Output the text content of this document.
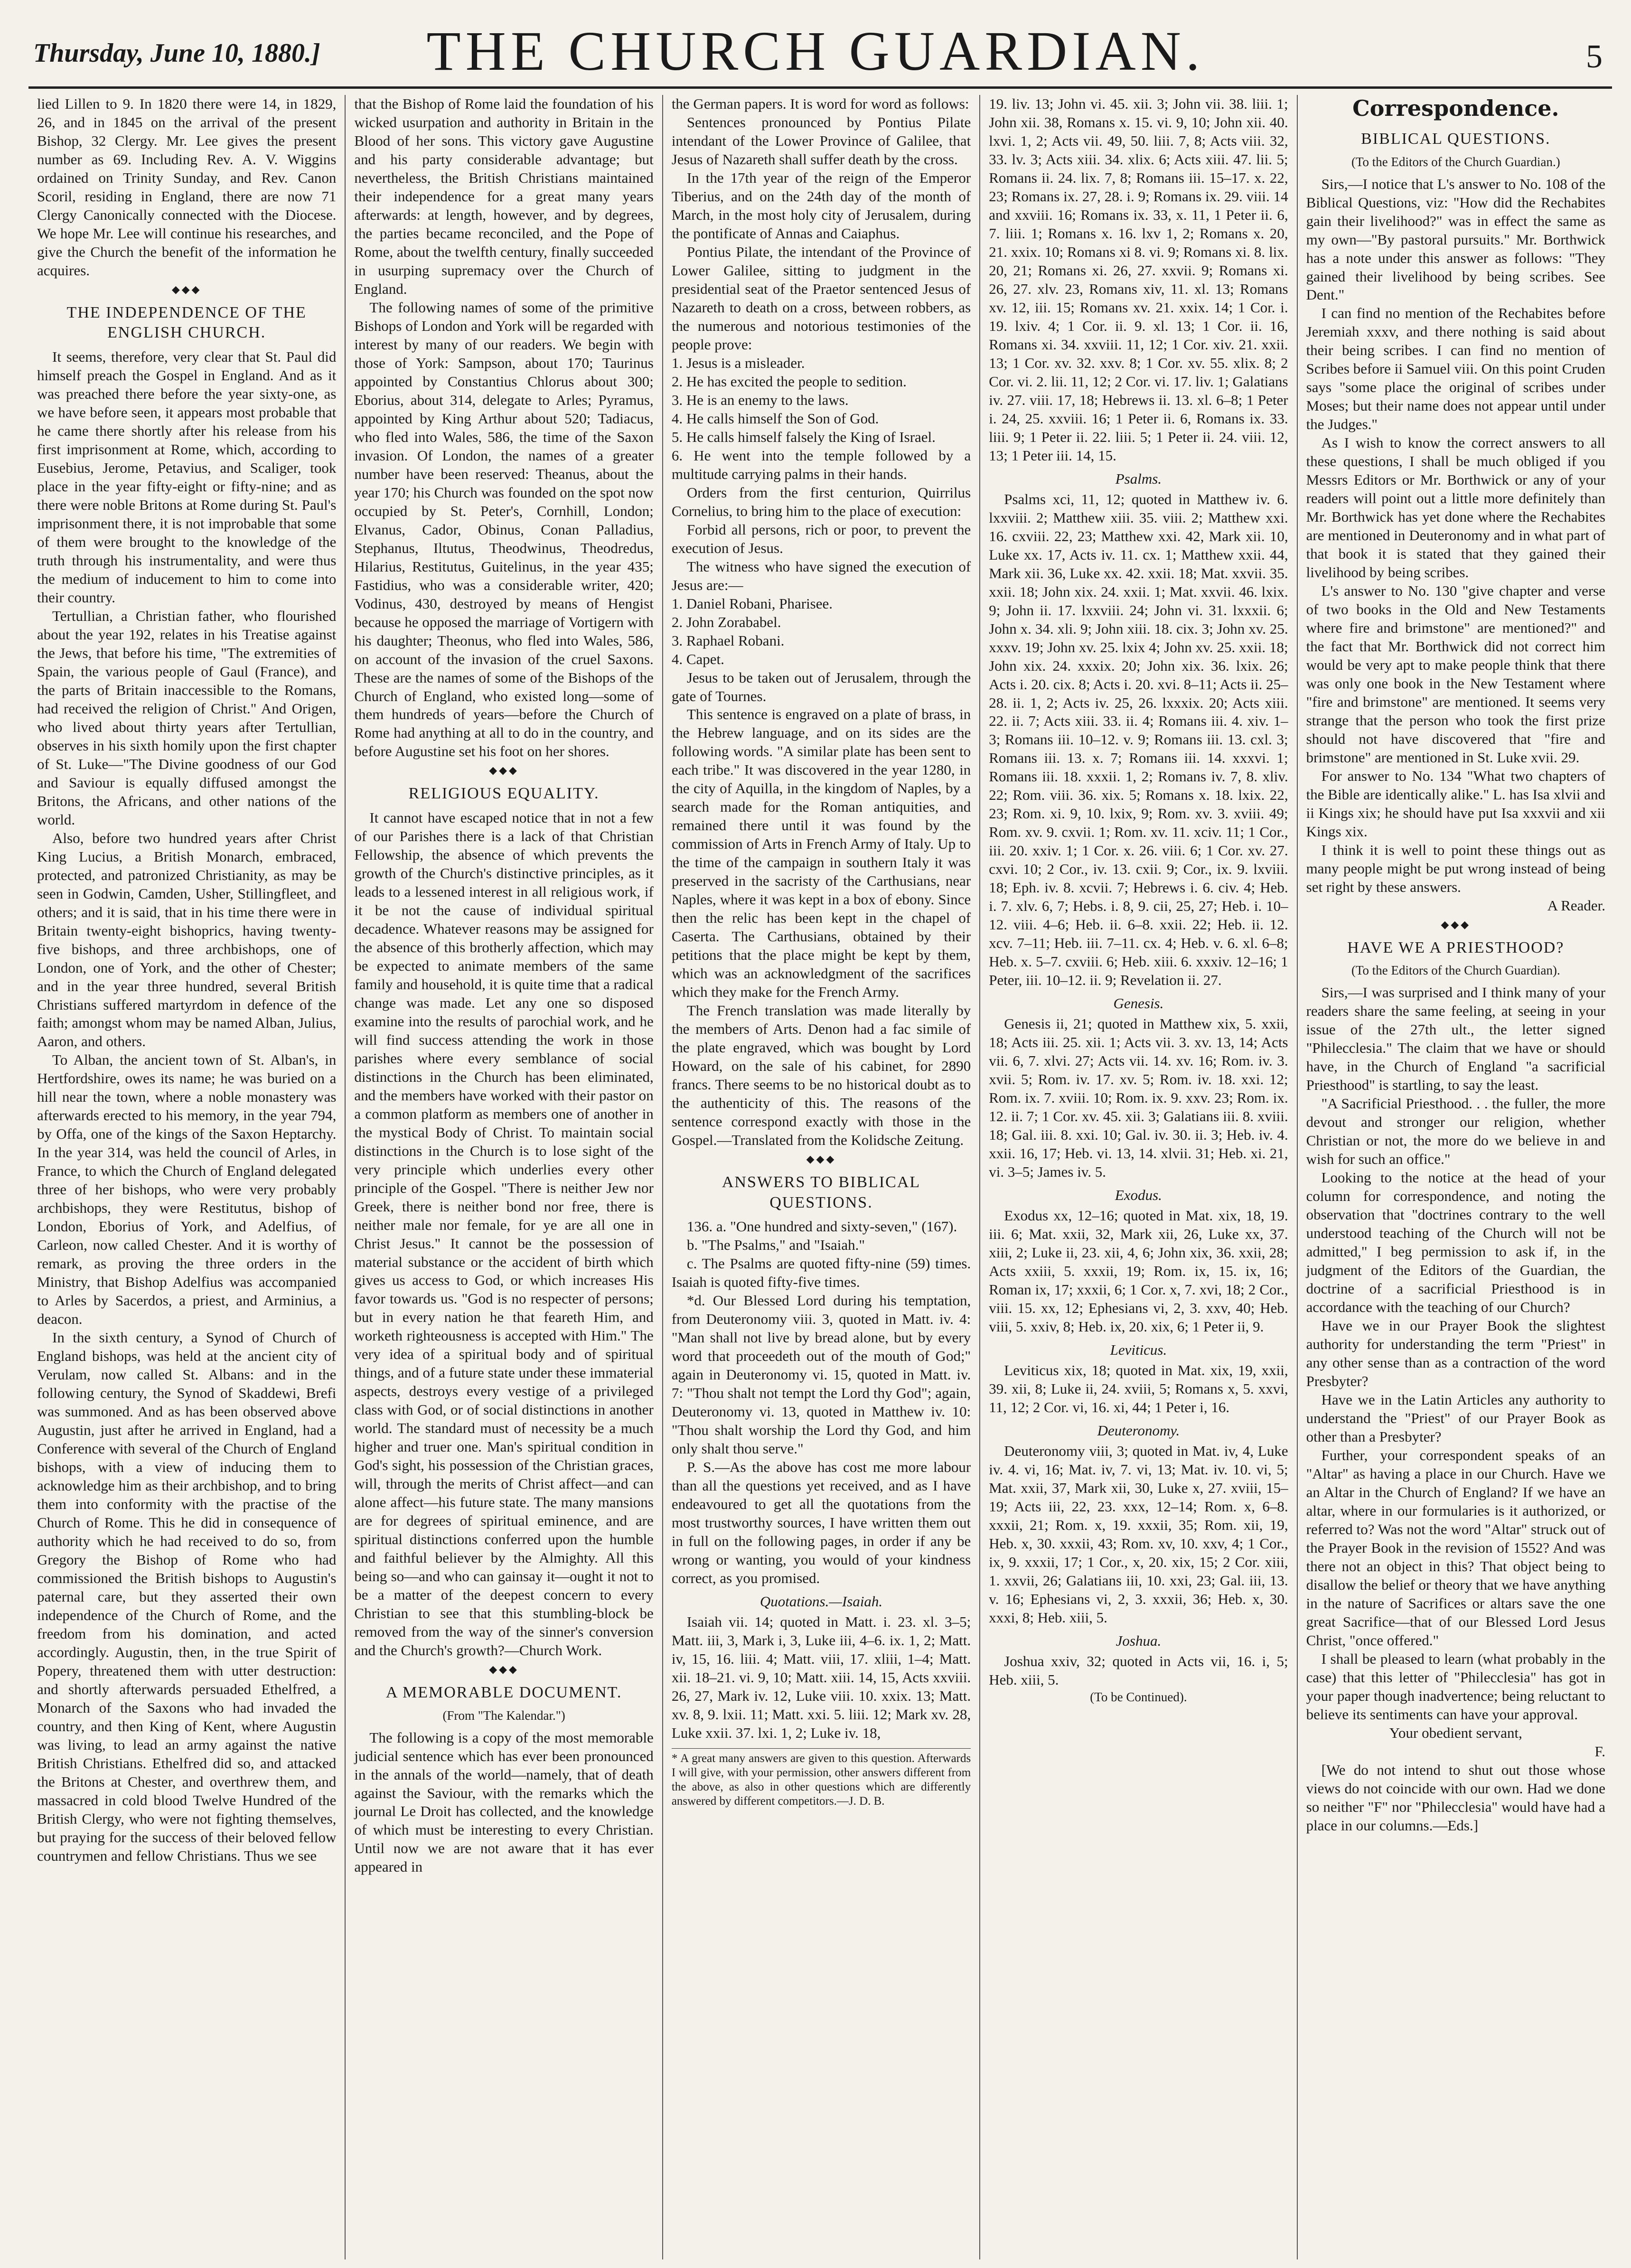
Thursday, June 10, 1880.]	THE CHURCH GUARDIAN.	5

lied Lillen to 9. In 1820 there were 14, in 1829, 26, and in 1845 on the arrival of the present Bishop, 32 Clergy. Mr. Lee gives the present number as 69. Including Rev. A. V. Wiggins ordained on Trinity Sunday, and Rev. Canon Scoril, residing in England, there are now 71 Clergy Canonically connected with the Diocese. We hope Mr. Lee will continue his researches, and give the Church the benefit of the information he acquires.

◆◆◆
THE INDEPENDENCE OF THE ENGLISH CHURCH.

It seems, therefore, very clear that St. Paul did himself preach the Gospel in England. And as it was preached there before the year sixty-one, as we have before seen, it appears most probable that he came there shortly after his release from his first imprisonment at Rome, which, according to Eusebius, Jerome, Petavius, and Scaliger, took place in the year fifty-eight or fifty-nine; and as there were noble Britons at Rome during St. Paul's imprisonment there, it is not improbable that some of them were brought to the knowledge of the truth through his instrumentality, and were thus the medium of inducement to him to come into their country.

Tertullian, a Christian father, who flourished about the year 192, relates in his Treatise against the Jews, that before his time, "The extremities of Spain, the various people of Gaul (France), and the parts of Britain inaccessible to the Romans, had received the religion of Christ." And Origen, who lived about thirty years after Tertullian, observes in his sixth homily upon the first chapter of St. Luke—"The Divine goodness of our God and Saviour is equally diffused amongst the Britons, the Africans, and other nations of the world.

Also, before two hundred years after Christ King Lucius, a British Monarch, embraced, protected, and patronized Christianity, as may be seen in Godwin, Camden, Usher, Stillingfleet, and others; and it is said, that in his time there were in Britain twenty-eight bishoprics, having twenty-five bishops, and three archbishops, one of London, one of York, and the other of Chester; and in the year three hundred, several British Christians suffered martyrdom in defence of the faith; amongst whom may be named Alban, Julius, Aaron, and others.

To Alban, the ancient town of St. Alban's, in Hertfordshire, owes its name; he was buried on a hill near the town, where a noble monastery was afterwards erected to his memory, in the year 794, by Offa, one of the kings of the Saxon Heptarchy. In the year 314, was held the council of Arles, in France, to which the Church of England delegated three of her bishops, who were very probably archbishops, they were Restitutus, bishop of London, Eborius of York, and Adelfius, of Carleon, now called Chester. And it is worthy of remark, as proving the three orders in the Ministry, that Bishop Adelfius was accompanied to Arles by Sacerdos, a priest, and Arminius, a deacon.

In the sixth century, a Synod of Church of England bishops, was held at the ancient city of Verulam, now called St. Albans: and in the following century, the Synod of Skaddewi, Brefi was summoned. And as has been observed above Augustin, just after he arrived in England, had a Conference with several of the Church of England bishops, with a view of inducing them to acknowledge him as their archbishop, and to bring them into conformity with the practise of the Church of Rome. This he did in consequence of authority which he had received to do so, from Gregory the Bishop of Rome who had commissioned the British bishops to Augustin's paternal care, but they asserted their own independence of the Church of Rome, and the freedom from his domination, and acted accordingly. Augustin, then, in the true Spirit of Popery, threatened them with utter destruction: and shortly afterwards persuaded Ethelfred, a Monarch of the Saxons who had invaded the country, and then King of Kent, where Augustin was living, to lead an army against the native British Christians. Ethelfred did so, and attacked the Britons at Chester, and overthrew them, and massacred in cold blood Twelve Hundred of the British Clergy, who were not fighting themselves, but praying for the success of their beloved fellow countrymen and fellow Christians. Thus we see

that the Bishop of Rome laid the foundation of his wicked usurpation and authority in Britain in the Blood of her sons. This victory gave Augustine and his party considerable advantage; but nevertheless, the British Christians maintained their independence for a great many years afterwards: at length, however, and by degrees, the parties became reconciled, and the Pope of Rome, about the twelfth century, finally succeeded in usurping supremacy over the Church of England.

The following names of some of the primitive Bishops of London and York will be regarded with interest by many of our readers. We begin with those of York: Sampson, about 170; Taurinus appointed by Constantius Chlorus about 300; Eborius, about 314, delegate to Arles; Pyramus, appointed by King Arthur about 520; Tadiacus, who fled into Wales, 586, the time of the Saxon invasion. Of London, the names of a greater number have been reserved: Theanus, about the year 170; his Church was founded on the spot now occupied by St. Peter's, Cornhill, London; Elvanus, Cador, Obinus, Conan Palladius, Stephanus, Iltutus, Theodwinus, Theodredus, Hilarius, Restitutus, Guitelinus, in the year 435; Fastidius, who was a considerable writer, 420; Vodinus, 430, destroyed by means of Hengist because he opposed the marriage of Vortigern with his daughter; Theonus, who fled into Wales, 586, on account of the invasion of the cruel Saxons. These are the names of some of the Bishops of the Church of England, who existed long—some of them hundreds of years—before the Church of Rome had anything at all to do in the country, and before Augustine set his foot on her shores.

◆◆◆
RELIGIOUS EQUALITY.

It cannot have escaped notice that in not a few of our Parishes there is a lack of that Christian Fellowship, the absence of which prevents the growth of the Church's distinctive principles, as it leads to a lessened interest in all religious work, if it be not the cause of individual spiritual decadence. Whatever reasons may be assigned for the absence of this brotherly affection, which may be expected to animate members of the same family and household, it is quite time that a radical change was made. Let any one so disposed examine into the results of parochial work, and he will find success attending the work in those parishes where every semblance of social distinctions in the Church has been eliminated, and the members have worked with their pastor on a common platform as members one of another in the mystical Body of Christ. To maintain social distinctions in the Church is to lose sight of the very principle which underlies every other principle of the Gospel. "There is neither Jew nor Greek, there is neither bond nor free, there is neither male nor female, for ye are all one in Christ Jesus." It cannot be the possession of material substance or the accident of birth which gives us access to God, or which increases His favor towards us. "God is no respecter of persons; but in every nation he that feareth Him, and worketh righteousness is accepted with Him." The very idea of a spiritual body and of spiritual things, and of a future state under these immaterial aspects, destroys every vestige of a privileged class with God, or of social distinctions in another world. The standard must of necessity be a much higher and truer one. Man's spiritual condition in God's sight, his possession of the Christian graces, will, through the merits of Christ affect—and can alone affect—his future state. The many mansions are for degrees of spiritual eminence, and are spiritual distinctions conferred upon the humble and faithful believer by the Almighty. All this being so—and who can gainsay it—ought it not to be a matter of the deepest concern to every Christian to see that this stumbling-block be removed from the way of the sinner's conversion and the Church's growth?—Church Work.

◆◆◆
A MEMORABLE DOCUMENT.
(From "The Kalendar.")

The following is a copy of the most memorable judicial sentence which has ever been pronounced in the annals of the world—namely, that of death against the Saviour, with the remarks which the journal Le Droit has collected, and the knowledge of which must be interesting to every Christian. Until now we are not aware that it has ever appeared in

the German papers. It is word for word as follows:

Sentences pronounced by Pontius Pilate intendant of the Lower Province of Galilee, that Jesus of Nazareth shall suffer death by the cross.

In the 17th year of the reign of the Emperor Tiberius, and on the 24th day of the month of March, in the most holy city of Jerusalem, during the pontificate of Annas and Caiaphus.

Pontius Pilate, the intendant of the Province of Lower Galilee, sitting to judgment in the presidential seat of the Praetor sentenced Jesus of Nazareth to death on a cross, between robbers, as the numerous and notorious testimonies of the people prove:

1. Jesus is a misleader.

2. He has excited the people to sedition.

3. He is an enemy to the laws.

4. He calls himself the Son of God.

5. He calls himself falsely the King of Israel.

6. He went into the temple followed by a multitude carrying palms in their hands.

Orders from the first centurion, Quirrilus Cornelius, to bring him to the place of execution:

Forbid all persons, rich or poor, to prevent the execution of Jesus.

The witness who have signed the execution of Jesus are:—

1. Daniel Robani, Pharisee.

2. John Zorababel.

3. Raphael Robani.

4. Capet.

Jesus to be taken out of Jerusalem, through the gate of Tournes.

This sentence is engraved on a plate of brass, in the Hebrew language, and on its sides are the following words. "A similar plate has been sent to each tribe." It was discovered in the year 1280, in the city of Aquilla, in the kingdom of Naples, by a search made for the Roman antiquities, and remained there until it was found by the commission of Arts in French Army of Italy. Up to the time of the campaign in southern Italy it was preserved in the sacristy of the Carthusians, near Naples, where it was kept in a box of ebony. Since then the relic has been kept in the chapel of Caserta. The Carthusians, obtained by their petitions that the place might be kept by them, which was an acknowledgment of the sacrifices which they make for the French Army.

The French translation was made literally by the members of Arts. Denon had a fac simile of the plate engraved, which was bought by Lord Howard, on the sale of his cabinet, for 2890 francs. There seems to be no historical doubt as to the authenticity of this. The reasons of the sentence correspond exactly with those in the Gospel.—Translated from the Kolidsche Zeitung.

◆◆◆
ANSWERS TO BIBLICAL QUESTIONS.

136. a. "One hundred and sixty-seven," (167).

b. "The Psalms," and "Isaiah."

c. The Psalms are quoted fifty-nine (59) times. Isaiah is quoted fifty-five times.

*d. Our Blessed Lord during his temptation, from Deuteronomy viii. 3, quoted in Matt. iv. 4: "Man shall not live by bread alone, but by every word that proceedeth out of the mouth of God;" again in Deuteronomy vi. 15, quoted in Matt. iv. 7: "Thou shalt not tempt the Lord thy God"; again, Deuteronomy vi. 13, quoted in Matthew iv. 10: "Thou shalt worship the Lord thy God, and him only shalt thou serve."

P. S.—As the above has cost me more labour than all the questions yet received, and as I have endeavoured to get all the quotations from the most trustworthy sources, I have written them out in full on the following pages, in order if any be wrong or wanting, you would of your kindness correct, as you promised.

Quotations.—Isaiah.

Isaiah vii. 14; quoted in Matt. i. 23. xl. 3–5; Matt. iii, 3, Mark i, 3, Luke iii, 4–6. ix. 1, 2; Matt. iv, 15, 16. liii. 4; Matt. viii, 17. xliii, 1–4; Matt. xii. 18–21. vi. 9, 10; Matt. xiii. 14, 15, Acts xxviii. 26, 27, Mark iv. 12, Luke viii. 10. xxix. 13; Matt. xv. 8, 9. lxii. 11; Matt. xxi. 5. liii. 12; Mark xv. 28, Luke xxii. 37. lxi. 1, 2; Luke iv. 18,

* A great many answers are given to this question. Afterwards I will give, with your permission, other answers different from the above, as also in other questions which are differently answered by different competitors.—J. D. B.

19. liv. 13; John vi. 45. xii. 3; John vii. 38. liii. 1; John xii. 38, Romans x. 15. vi. 9, 10; John xii. 40. lxvi. 1, 2; Acts vii. 49, 50. liii. 7, 8; Acts viii. 32, 33. lv. 3; Acts xiii. 34. xlix. 6; Acts xiii. 47. lii. 5; Romans ii. 24. lix. 7, 8; Romans iii. 15–17. x. 22, 23; Romans ix. 27, 28. i. 9; Romans ix. 29. viii. 14 and xxviii. 16; Romans ix. 33, x. 11, 1 Peter ii. 6, 7. liii. 1; Romans x. 16. lxv 1, 2; Romans x. 20, 21. xxix. 10; Romans xi 8. vi. 9; Romans xi. 8. lix. 20, 21; Romans xi. 26, 27. xxvii. 9; Romans xi. 26, 27. xlv. 23, Romans xiv, 11. xl. 13; Romans xv. 12, iii. 15; Romans xv. 21. xxix. 14; 1 Cor. i. 19. lxiv. 4; 1 Cor. ii. 9. xl. 13; 1 Cor. ii. 16, Romans xi. 34. xxviii. 11, 12; 1 Cor. xiv. 21. xxii. 13; 1 Cor. xv. 32. xxv. 8; 1 Cor. xv. 55. xlix. 8; 2 Cor. vi. 2. lii. 11, 12; 2 Cor. vi. 17. liv. 1; Galatians iv. 27. viii. 17, 18; Hebrews ii. 13. xl. 6–8; 1 Peter i. 24, 25. xxviii. 16; 1 Peter ii. 6, Romans ix. 33. liii. 9; 1 Peter ii. 22. liii. 5; 1 Peter ii. 24. viii. 12, 13; 1 Peter iii. 14, 15.

Psalms.

Psalms xci, 11, 12; quoted in Matthew iv. 6. lxxviii. 2; Matthew xiii. 35. viii. 2; Matthew xxi. 16. cxviii. 22, 23; Matthew xxi. 42, Mark xii. 10, Luke xx. 17, Acts iv. 11. cx. 1; Matthew xxii. 44, Mark xii. 36, Luke xx. 42. xxii. 18; Mat. xxvii. 35. xxii. 18; John xix. 24. xxii. 1; Mat. xxvii. 46. lxix. 9; John ii. 17. lxxviii. 24; John vi. 31. lxxxii. 6; John x. 34. xli. 9; John xiii. 18. cix. 3; John xv. 25. xxxv. 19; John xv. 25. lxix 4; John xv. 25. xxii. 18; John xix. 24. xxxix. 20; John xix. 36. lxix. 26; Acts i. 20. cix. 8; Acts i. 20. xvi. 8–11; Acts ii. 25–28. ii. 1, 2; Acts iv. 25, 26. lxxxix. 20; Acts xiii. 22. ii. 7; Acts xiii. 33. ii. 4; Romans iii. 4. xiv. 1–3; Romans iii. 10–12. v. 9; Romans iii. 13. cxl. 3; Romans iii. 13. x. 7; Romans iii. 14. xxxvi. 1; Romans iii. 18. xxxii. 1, 2; Romans iv. 7, 8. xliv. 22; Rom. viii. 36. xix. 5; Romans x. 18. lxix. 22, 23; Rom. xi. 9, 10. lxix, 9; Rom. xv. 3. xviii. 49; Rom. xv. 9. cxvii. 1; Rom. xv. 11. xciv. 11; 1 Cor., iii. 20. xxiv. 1; 1 Cor. x. 26. viii. 6; 1 Cor. xv. 27. cxvi. 10; 2 Cor., iv. 13. cxii. 9; Cor., ix. 9. lxviii. 18; Eph. iv. 8. xcvii. 7; Hebrews i. 6. civ. 4; Heb. i. 7. xlv. 6, 7; Hebs. i. 8, 9. cii, 25, 27; Heb. i. 10–12. viii. 4–6; Heb. ii. 6–8. xxii. 22; Heb. ii. 12. xcv. 7–11; Heb. iii. 7–11. cx. 4; Heb. v. 6. xl. 6–8; Heb. x. 5–7. cxviii. 6; Heb. xiii. 6. xxxiv. 12–16; 1 Peter, iii. 10–12. ii. 9; Revelation ii. 27.

Genesis.

Genesis ii, 21; quoted in Matthew xix, 5. xxii, 18; Acts iii. 25. xii. 1; Acts vii. 3. xv. 13, 14; Acts vii. 6, 7. xlvi. 27; Acts vii. 14. xv. 16; Rom. iv. 3. xvii. 5; Rom. iv. 17. xv. 5; Rom. iv. 18. xxi. 12; Rom. ix. 7. xviii. 10; Rom. ix. 9. xxv. 23; Rom. ix. 12. ii. 7; 1 Cor. xv. 45. xii. 3; Galatians iii. 8. xviii. 18; Gal. iii. 8. xxi. 10; Gal. iv. 30. ii. 3; Heb. iv. 4. xxii. 16, 17; Heb. vi. 13, 14. xlvii. 31; Heb. xi. 21, vi. 3–5; James iv. 5.

Exodus.

Exodus xx, 12–16; quoted in Mat. xix, 18, 19. iii. 6; Mat. xxii, 32, Mark xii, 26, Luke xx, 37. xiii, 2; Luke ii, 23. xii, 4, 6; John xix, 36. xxii, 28; Acts xxiii, 5. xxxii, 19; Rom. ix, 15. ix, 16; Roman ix, 17; xxxii, 6; 1 Cor. x, 7. xvi, 18; 2 Cor., viii. 15. xx, 12; Ephesians vi, 2, 3. xxv, 40; Heb. viii, 5. xxiv, 8; Heb. ix, 20. xix, 6; 1 Peter ii, 9.

Leviticus.

Leviticus xix, 18; quoted in Mat. xix, 19, xxii, 39. xii, 8; Luke ii, 24. xviii, 5; Romans x, 5. xxvi, 11, 12; 2 Cor. vi, 16. xi, 44; 1 Peter i, 16.

Deuteronomy.

Deuteronomy viii, 3; quoted in Mat. iv, 4, Luke iv. 4. vi, 16; Mat. iv, 7. vi, 13; Mat. iv. 10. vi, 5; Mat. xxii, 37, Mark xii, 30, Luke x, 27. xviii, 15–19; Acts iii, 22, 23. xxx, 12–14; Rom. x, 6–8. xxxii, 21; Rom. x, 19. xxxii, 35; Rom. xii, 19, Heb. x, 30. xxxii, 43; Rom. xv, 10. xxv, 4; 1 Cor., ix, 9. xxxii, 17; 1 Cor., x, 20. xix, 15; 2 Cor. xiii, 1. xxvii, 26; Galatians iii, 10. xxi, 23; Gal. iii, 13. v. 16; Ephesians vi, 2, 3. xxxii, 36; Heb. x, 30. xxxi, 8; Heb. xiii, 5.

Joshua.

Joshua xxiv, 32; quoted in Acts vii, 16. i, 5; Heb. xiii, 5.

(To be Continued).
Correspondence.
BIBLICAL QUESTIONS.
(To the Editors of the Church Guardian.)

Sirs,—I notice that L's answer to No. 108 of the Biblical Questions, viz: "How did the Rechabites gain their livelihood?" was in effect the same as my own—"By pastoral pursuits." Mr. Borthwick has a note under this answer as follows: "They gained their livelihood by being scribes. See Dent."

I can find no mention of the Rechabites before Jeremiah xxxv, and there nothing is said about their being scribes. I can find no mention of Scribes before ii Samuel viii. On this point Cruden says "some place the original of scribes under Moses; but their name does not appear until under the Judges."

As I wish to know the correct answers to all these questions, I shall be much obliged if you Messrs Editors or Mr. Borthwick or any of your readers will point out a little more definitely than Mr. Borthwick has yet done where the Rechabites are mentioned in Deuteronomy and in what part of that book it is stated that they gained their livelihood by being scribes.

L's answer to No. 130 "give chapter and verse of two books in the Old and New Testaments where fire and brimstone" are mentioned?" and the fact that Mr. Borthwick did not correct him would be very apt to make people think that there was only one book in the New Testament where "fire and brimstone" are mentioned. It seems very strange that the person who took the first prize should not have discovered that "fire and brimstone" are mentioned in St. Luke xvii. 29.

For answer to No. 134 "What two chapters of the Bible are identically alike." L. has Isa xlvii and ii Kings xix; he should have put Isa xxxvii and xii Kings xix.

I think it is well to point these things out as many people might be put wrong instead of being set right by these answers.

A Reader.

◆◆◆
HAVE WE A PRIESTHOOD?
(To the Editors of the Church Guardian).

Sirs,—I was surprised and I think many of your readers share the same feeling, at seeing in your issue of the 27th ult., the letter signed "Philecclesia." The claim that we have or should have, in the Church of England "a sacrificial Priesthood" is startling, to say the least.

"A Sacrificial Priesthood. . . the fuller, the more devout and stronger our religion, whether Christian or not, the more do we believe in and wish for such an office."

Looking to the notice at the head of your column for correspondence, and noting the observation that "doctrines contrary to the well understood teaching of the Church will not be admitted," I beg permission to ask if, in the judgment of the Editors of the Guardian, the doctrine of a sacrificial Priesthood is in accordance with the teaching of our Church?

Have we in our Prayer Book the slightest authority for understanding the term "Priest" in any other sense than as a contraction of the word Presbyter?

Have we in the Latin Articles any authority to understand the "Priest" of our Prayer Book as other than a Presbyter?

Further, your correspondent speaks of an "Altar" as having a place in our Church. Have we an Altar in the Church of England? If we have an altar, where in our formularies is it authorized, or referred to? Was not the word "Altar" struck out of the Prayer Book in the revision of 1552? And was there not an object in this? That object being to disallow the belief or theory that we have anything in the nature of Sacrifices or altars save the one great Sacrifice—that of our Blessed Lord Jesus Christ, "once offered."

I shall be pleased to learn (what probably in the case) that this letter of "Philecclesia" has got in your paper though inadvertence; being reluctant to believe its sentiments can have your approval.

Your obedient servant,

F.

[We do not intend to shut out those whose views do not coincide with our own. Had we done so neither "F" nor "Philecclesia" would have had a place in our columns.—Eds.]
